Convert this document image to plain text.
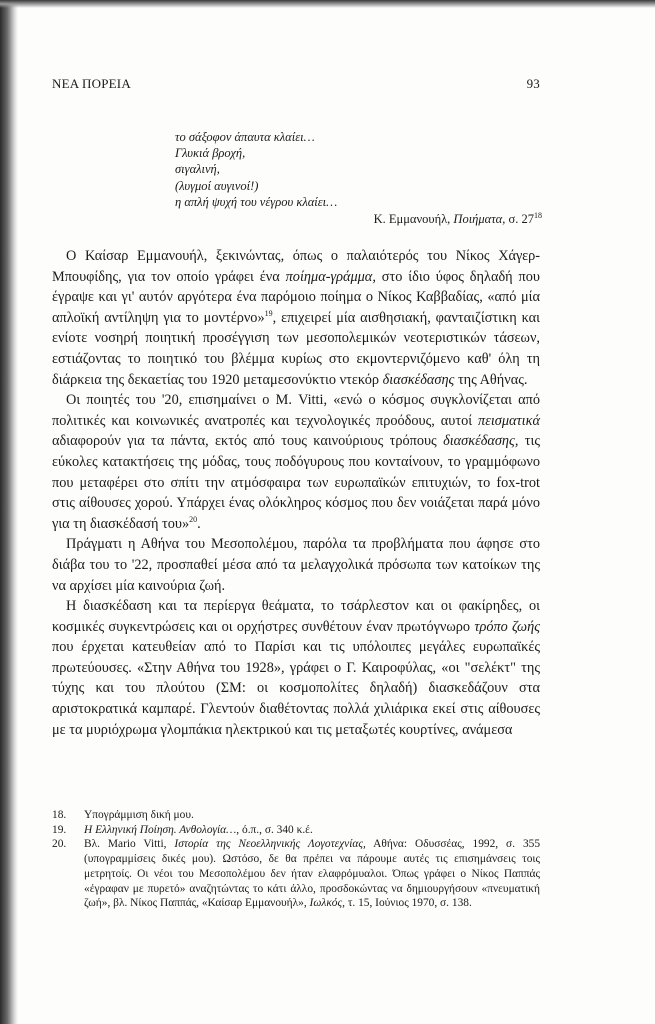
ΝΕΑ ΠΟΡΕΙΑ	93
το σάξοφον άπαυτα κλαίει…
Γλυκιά βροχή,
σιγαλινή,
(λυγμοί αυγινοί!)
η απλή ψυχή του νέγρου κλαίει…
Κ. Εμμανουήλ, Ποιήματα, σ. $27^{18}$

Ο Καίσαρ Εμμανουήλ, ξεκινώντας, όπως ο παλαιότερός του Νίκος Χάγερ-Μπουφίδης, για τον οποίο γράφει ένα ποίημα-γράμμα, στο ίδιο ύφος δηλαδή που έγραψε και γι' αυτόν αργότερα ένα παρόμοιο ποίημα ο Νίκος Καββαδίας, «από μία απλοϊκή αντίληψη για το μοντέρνο»$^{19}$, επιχειρεί μία αισθησιακή, φανταιζίστικη και ενίοτε νοσηρή ποιητική προσέγγιση των μεσοπολεμικών νεοτεριστικών τάσεων, εστιάζοντας το ποιητικό του βλέμμα κυρίως στο εκμοντερνιζόμενο καθ' όλη τη διάρκεια της δεκαετίας του 1920 μεταμεσονύκτιο ντεκόρ διασκέδασης της Αθήνας.

Οι ποιητές του '20, επισημαίνει ο Μ. Vitti, «ενώ ο κόσμος συγκλονίζεται από πολιτικές και κοινωνικές ανατροπές και τεχνολογικές προόδους, αυτοί πεισματικά αδιαφορούν για τα πάντα, εκτός από τους καινούριους τρόπους διασκέδασης, τις εύκολες κατακτήσεις της μόδας, τους ποδόγυρους που κονταίνουν, το γραμμόφωνο που μεταφέρει στο σπίτι την ατμόσφαιρα των ευρωπαϊκών επιτυχιών, το fox-trot στις αίθουσες χορού. Υπάρχει ένας ολόκληρος κόσμος που δεν νοιάζεται παρά μόνο για τη διασκέδασή του»$^{20}$.

Πράγματι η Αθήνα του Μεσοπολέμου, παρόλα τα προβλήματα που άφησε στο διάβα του το '22, προσπαθεί μέσα από τα μελαγχολικά πρόσωπα των κατοίκων της να αρχίσει μία καινούρια ζωή.

Η διασκέδαση και τα περίεργα θεάματα, το τσάρλεστον και οι φακίρηδες, οι κοσμικές συγκεντρώσεις και οι ορχήστρες συνθέτουν έναν πρωτόγνωρο τρόπο ζωής που έρχεται κατευθείαν από το Παρίσι και τις υπόλοιπες μεγάλες ευρωπαϊκές πρωτεύουσες. «Στην Αθήνα του 1928», γράφει ο Γ. Καιροφύλας, «οι "σελέκτ" της τύχης και του πλούτου (ΣΜ: οι κοσμοπολίτες δηλαδή) διασκεδάζουν στα αριστοκρατικά καμπαρέ. Γλεντούν διαθέτοντας πολλά χιλιάρικα εκεί στις αίθουσες με τα μυριόχρωμα γλομπάκια ηλεκτρικού και τις μεταξωτές κουρτίνες, ανάμεσα

18. Υπογράμμιση δική μου.
19. Η Ελληνική Ποίηση. Ανθολογία…, ό.π., σ. 340 κ.έ.
20. Βλ. Mario Vitti, Ιστορία της Νεοελληνικής Λογοτεχνίας, Αθήνα: Οδυσσέας, 1992, σ. 355 (υπογραμμίσεις δικές μου). Ωστόσο, δε θα πρέπει να πάρουμε αυτές τις επισημάνσεις τοις μετρητοίς. Οι νέοι του Μεσοπολέμου δεν ήταν ελαφρόμυαλοι. Όπως γράφει ο Νίκος Παππάς «έγραφαν με πυρετό» αναζητώντας το κάτι άλλο, προσδοκώντας να δημιουργήσουν «πνευματική ζωή», βλ. Νίκος Παππάς, «Καίσαρ Εμμανουήλ», Ιωλκός, τ. 15, Ιούνιος 1970, σ. 138.
